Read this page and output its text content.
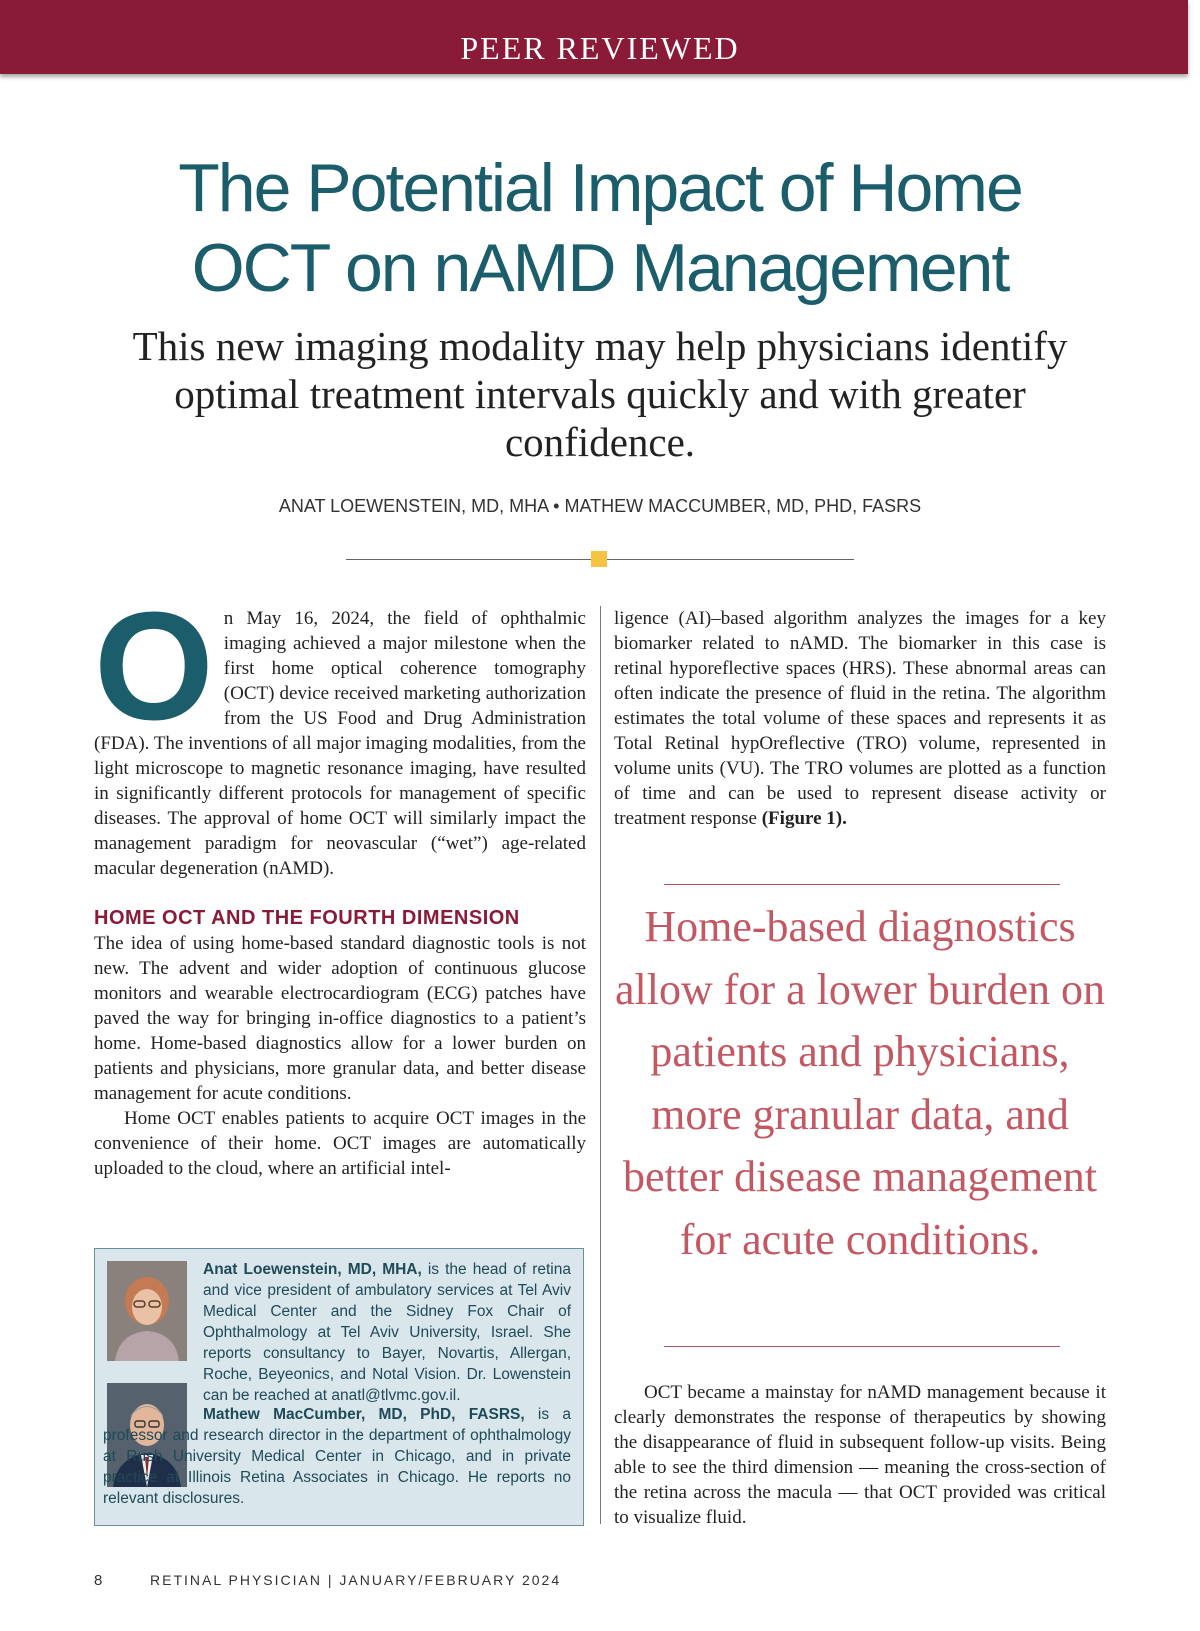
PEER REVIEWED
The Potential Impact of Home
OCT on nAMD Management
This new imaging modality may help physicians identify optimal treatment intervals quickly and with greater confidence.
ANAT LOEWENSTEIN, MD, MHA • MATHEW MACCUMBER, MD, PHD, FASRS

On May 16, 2024, the field of ophthalmic imaging achieved a major milestone when the first home optical coherence tomography (OCT) device received marketing authorization from the US Food and Drug Administration (FDA). The inventions of all major imaging modalities, from the light microscope to magnetic resonance imaging, have resulted in significantly different protocols for management of specific diseases. The approval of home OCT will similarly impact the management paradigm for neovascular (“wet”) age-related macular degeneration (nAMD).

HOME OCT AND THE FOURTH DIMENSION

The idea of using home-based standard diagnostic tools is not new. The advent and wider adoption of continuous glucose monitors and wearable electrocardiogram (ECG) patches have paved the way for bringing in-office diagnostics to a patient’s home. Home-based diagnostics allow for a lower burden on patients and physicians, more granular data, and better disease management for acute conditions.

Home OCT enables patients to acquire OCT images in the convenience of their home. OCT images are automatically uploaded to the cloud, where an artificial intel-

Anat Loewenstein, MD, MHA, is the head of retina and vice president of ambulatory services at Tel Aviv Medical Center and the Sidney Fox Chair of Ophthalmology at Tel Aviv University, Israel. She reports consultancy to Bayer, Novartis, Allergan, Roche, Beyeonics, and Notal Vision. Dr. Lowenstein can be reached at anatl@tlvmc.gov.il.
Mathew MacCumber, MD, PhD, FASRS, is a professor and research director in the department of ophthalmology at Rush University Medical Center in Chicago, and in private practice at Illinois Retina Associates in Chicago. He reports no relevant disclosures.

ligence (AI)–based algorithm analyzes the images for a key biomarker related to nAMD. The biomarker in this case is retinal hyporeflective spaces (HRS). These abnormal areas can often indicate the presence of fluid in the retina. The algorithm estimates the total volume of these spaces and represents it as Total Retinal hypOreflective (TRO) volume, represented in volume units (VU). The TRO volumes are plotted as a function of time and can be used to represent disease activity or treatment response (Figure 1).

Home-based diagnostics allow for a lower burden on patients and physicians, more granular data, and better disease management for acute conditions.

OCT became a mainstay for nAMD management because it clearly demonstrates the response of therapeutics by showing the disappearance of fluid in subsequent follow-up visits. Being able to see the third dimension — meaning the cross-section of the retina across the macula — that OCT provided was critical to visualize fluid.

8	RETINAL PHYSICIAN | JANUARY/FEBRUARY 2024
